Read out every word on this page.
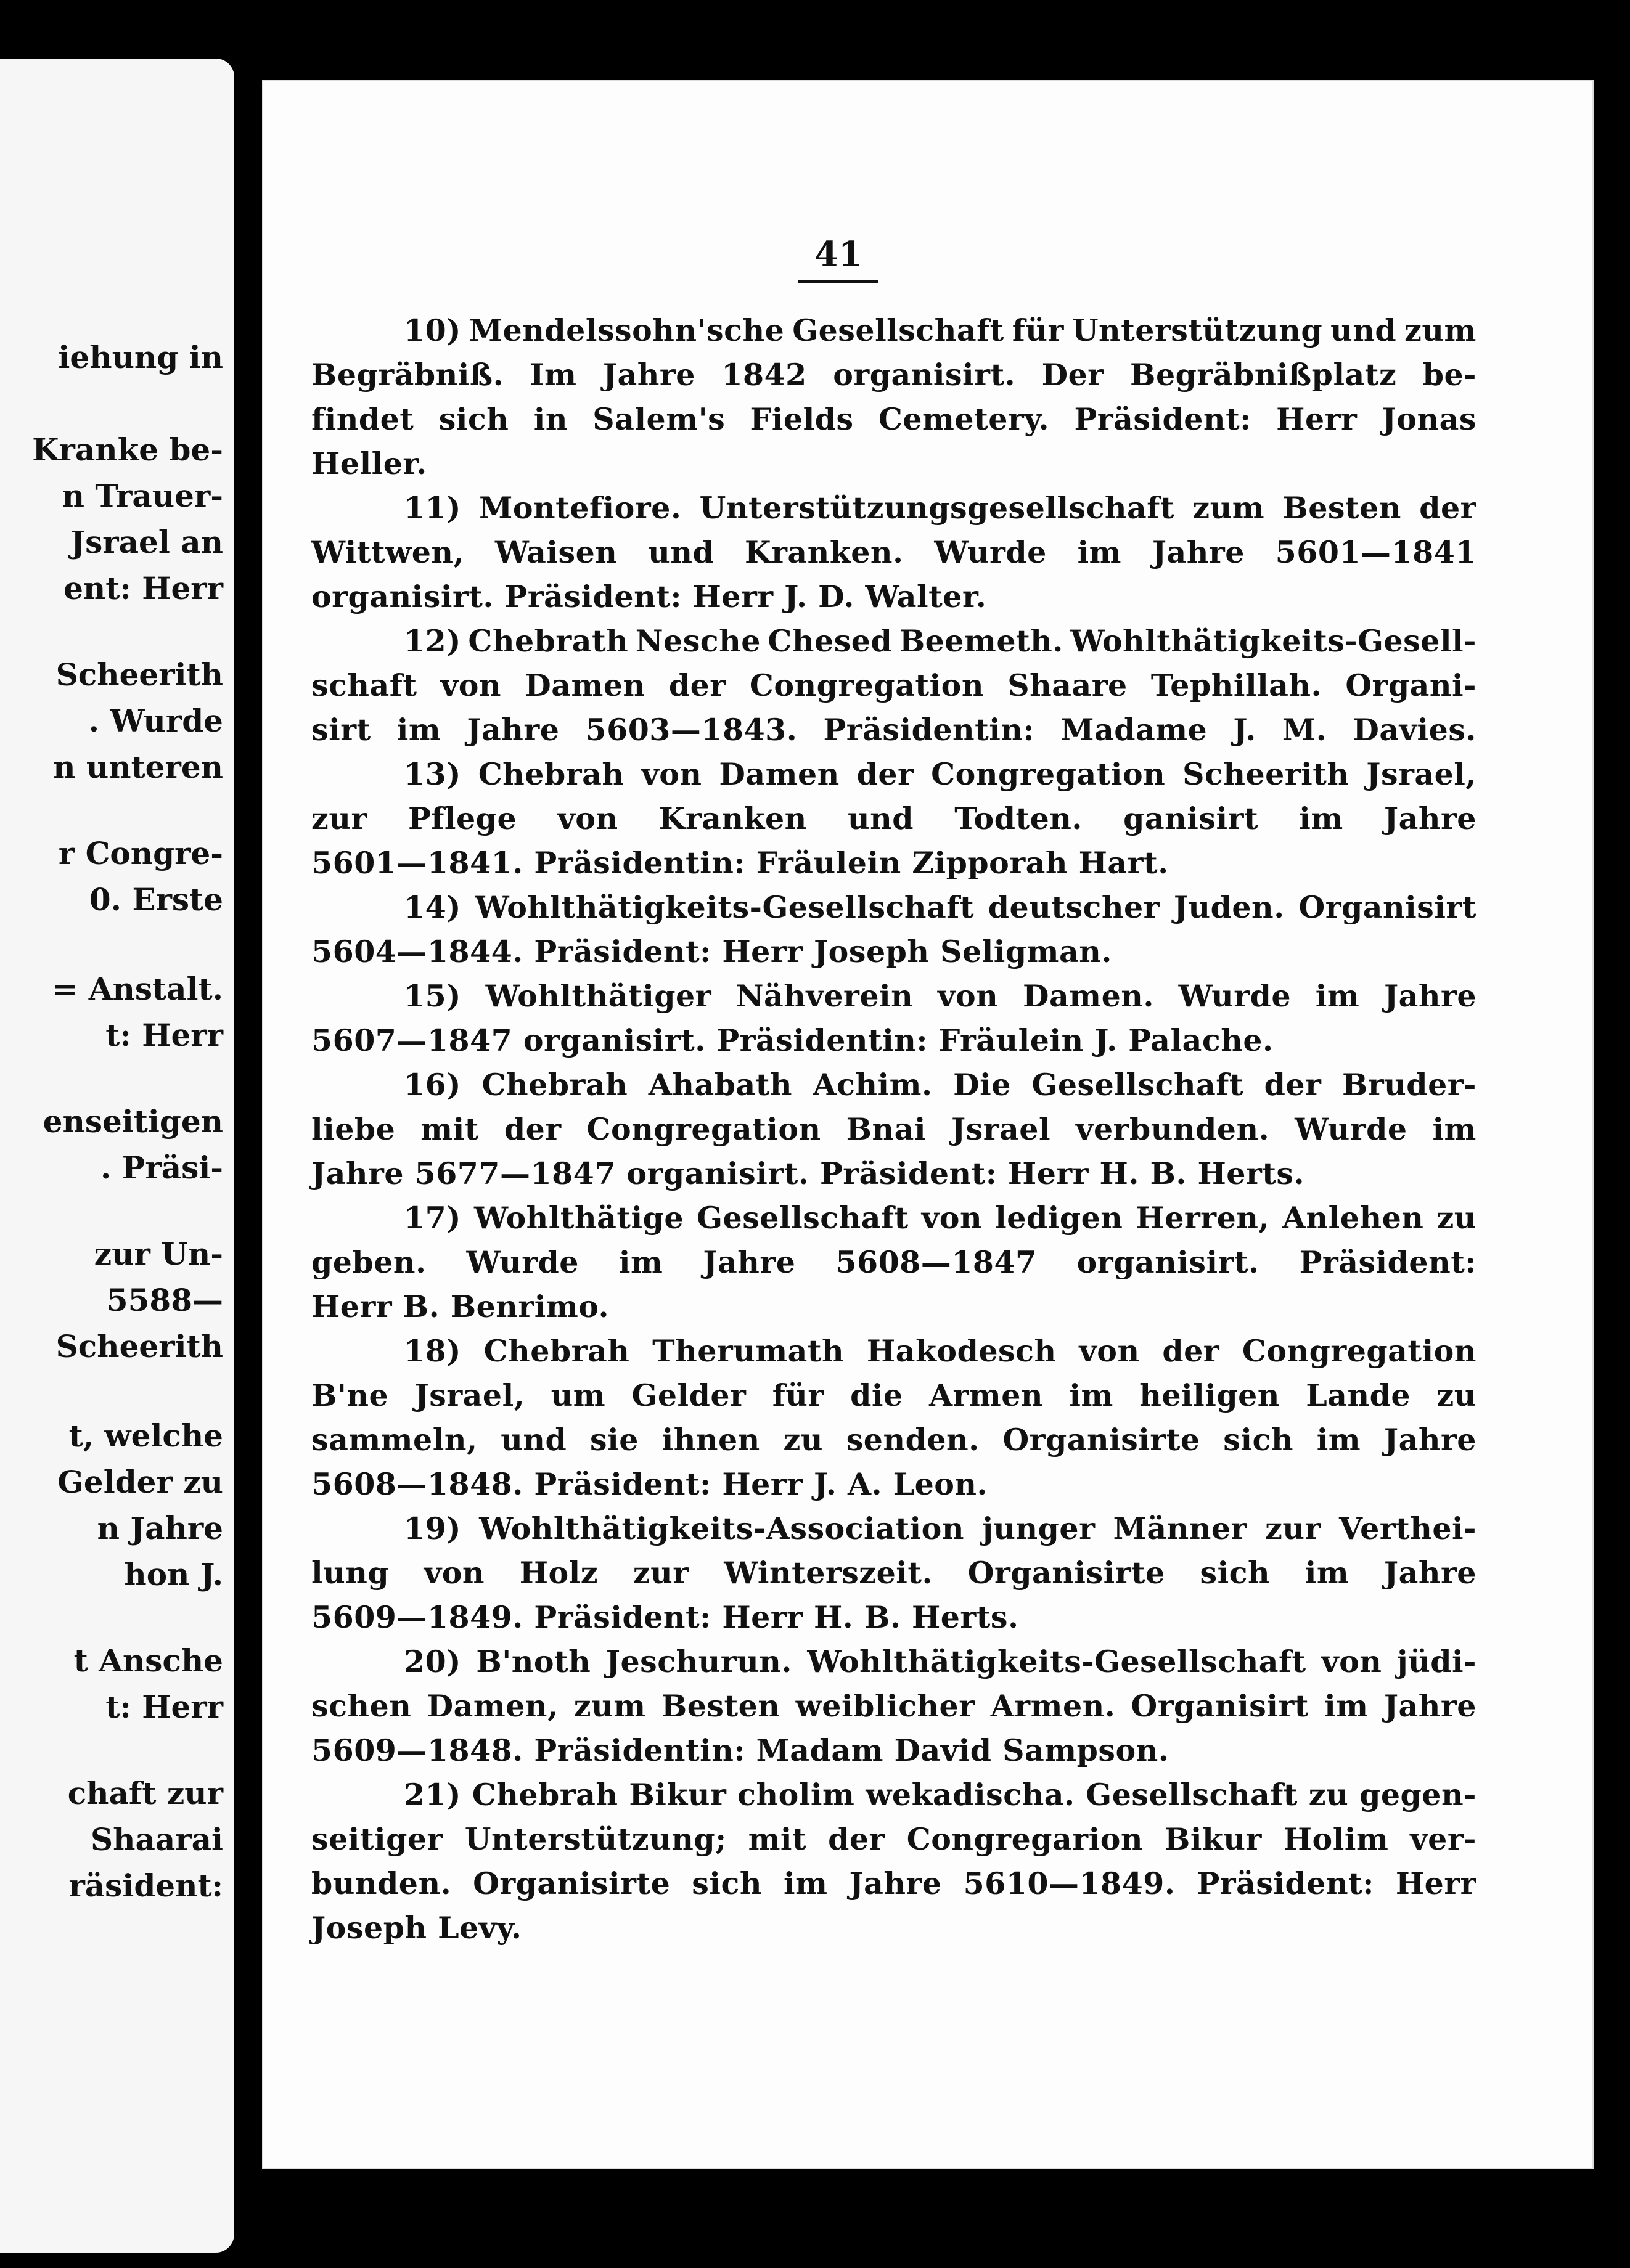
iehung in
Kranke be-
n Trauer-
Jsrael an
ent: Herr
Scheerith
. Wurde
n unteren
r Congre-
0. Erste
= Anstalt.
t: Herr
enseitigen
. Präsi-
zur Un-
5588—
Scheerith
t, welche
Gelder zu
n Jahre
hon J.
t Ansche
t: Herr
chaft zur
Shaarai
räsident:
41
10) Mendelssohn'sche Gesellschaft für Unterstützung und zum
Begräbniß. Im Jahre 1842 organisirt. Der Begräbnißplatz be-
findet sich in Salem's Fields Cemetery. Präsident: Herr Jonas
Heller.
11) Montefiore. Unterstützungsgesellschaft zum Besten der
Wittwen, Waisen und Kranken. Wurde im Jahre 5601—1841
organisirt. Präsident: Herr J. D. Walter.
12) Chebrath Nesche Chesed Beemeth. Wohlthätigkeits-Gesell-
schaft von Damen der Congregation Shaare Tephillah. Organi-
sirt im Jahre 5603—1843. Präsidentin: Madame J. M. Davies.
13) Chebrah von Damen der Congregation Scheerith Jsrael,
zur Pflege von Kranken und Todten. ganisirt im Jahre
5601—1841. Präsidentin: Fräulein Zipporah Hart.
14) Wohlthätigkeits-Gesellschaft deutscher Juden. Organisirt
5604—1844. Präsident: Herr Joseph Seligman.
15) Wohlthätiger Nähverein von Damen. Wurde im Jahre
5607—1847 organisirt. Präsidentin: Fräulein J. Palache.
16) Chebrah Ahabath Achim. Die Gesellschaft der Bruder-
liebe mit der Congregation Bnai Jsrael verbunden. Wurde im
Jahre 5677—1847 organisirt. Präsident: Herr H. B. Herts.
17) Wohlthätige Gesellschaft von ledigen Herren, Anlehen zu
geben. Wurde im Jahre 5608—1847 organisirt. Präsident:
Herr B. Benrimo.
18) Chebrah Therumath Hakodesch von der Congregation
B'ne Jsrael, um Gelder für die Armen im heiligen Lande zu
sammeln, und sie ihnen zu senden. Organisirte sich im Jahre
5608—1848. Präsident: Herr J. A. Leon.
19) Wohlthätigkeits-Association junger Männer zur Verthei-
lung von Holz zur Winterszeit. Organisirte sich im Jahre
5609—1849. Präsident: Herr H. B. Herts.
20) B'noth Jeschurun. Wohlthätigkeits-Gesellschaft von jüdi-
schen Damen, zum Besten weiblicher Armen. Organisirt im Jahre
5609—1848. Präsidentin: Madam David Sampson.
21) Chebrah Bikur cholim wekadischa. Gesellschaft zu gegen-
seitiger Unterstützung; mit der Congregarion Bikur Holim ver-
bunden. Organisirte sich im Jahre 5610—1849. Präsident: Herr
Joseph Levy.
